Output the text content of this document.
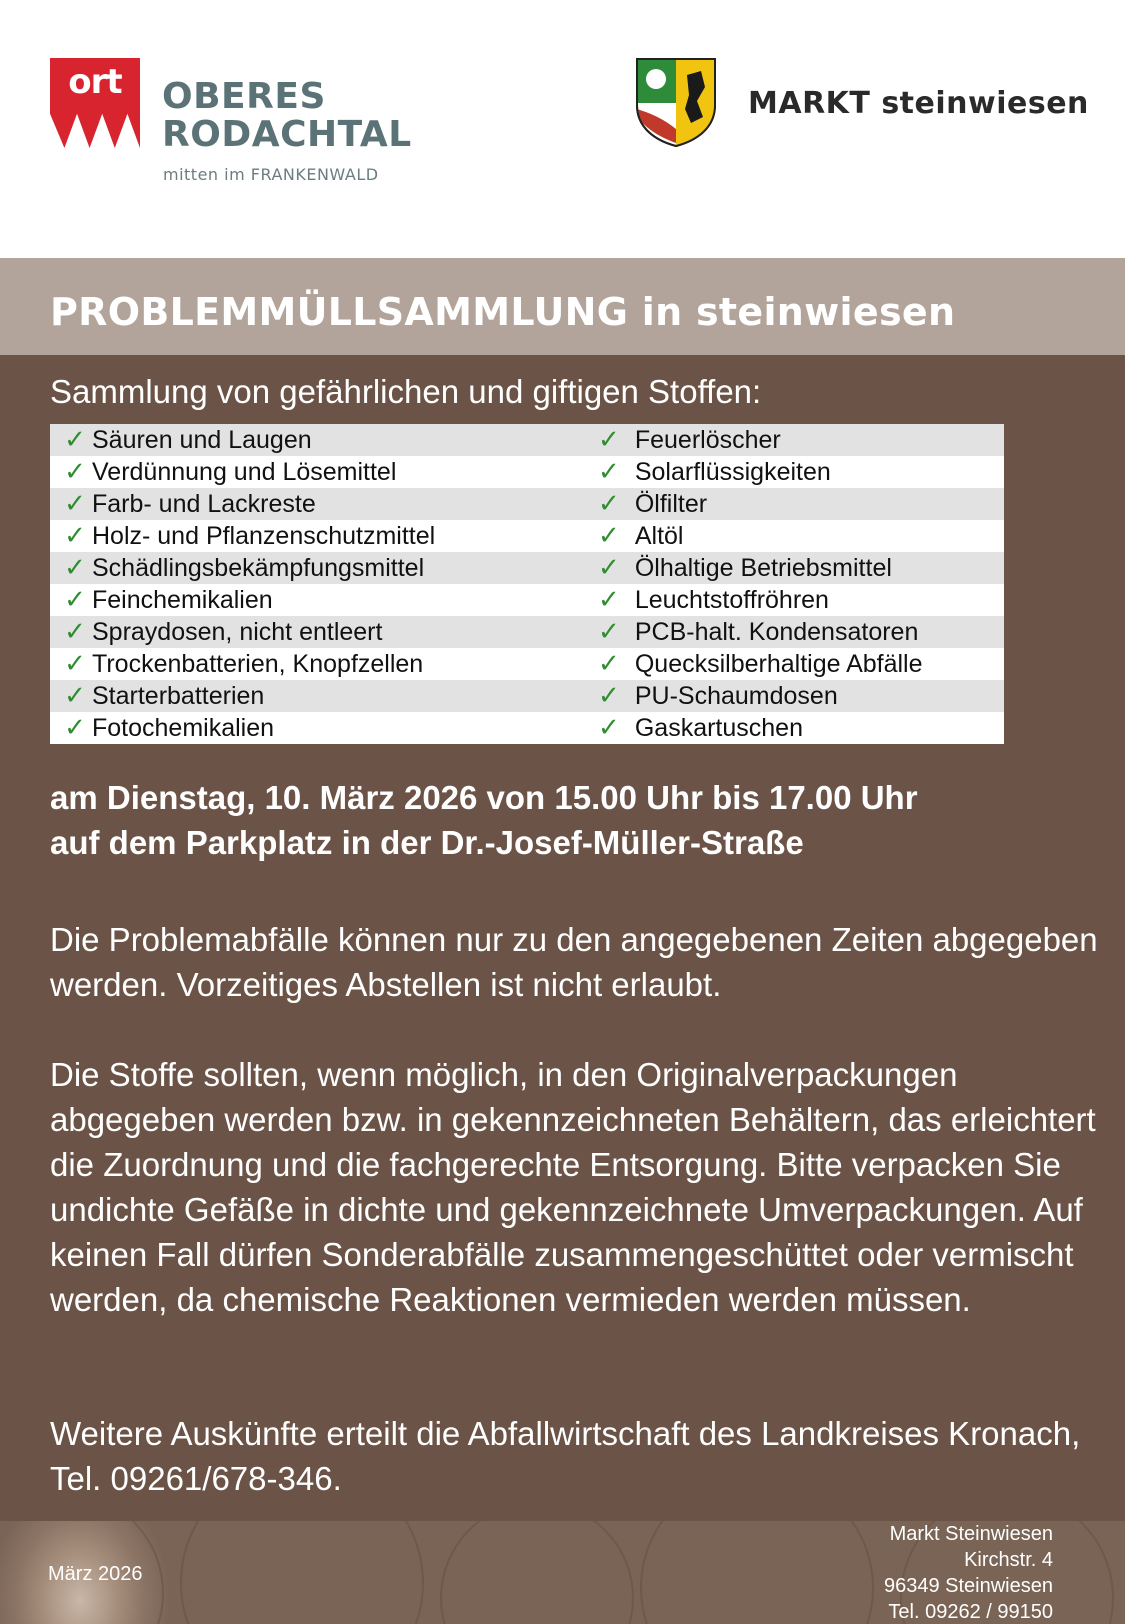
ort	OBERES
RODACHTAL
mitten im FRANKENWALD
MARKT steinwiesen
PROBLEMMÜLLSAMMLUNG in steinwiesen
Sammlung von gefährlichen und giftigen Stoffen:
✓ Säuren und Laugen	✓ Feuerlöscher
✓ Verdünnung und Lösemittel	✓ Solarflüssigkeiten
✓ Farb- und Lackreste	✓ Ölfilter
✓ Holz- und Pflanzenschutzmittel	✓ Altöl
✓ Schädlingsbekämpfungsmittel	✓ Ölhaltige Betriebsmittel
✓ Feinchemikalien	✓ Leuchtstoffröhren
✓ Spraydosen, nicht entleert	✓ PCB-halt. Kondensatoren
✓ Trockenbatterien, Knopfzellen	✓ Quecksilberhaltige Abfälle
✓ Starterbatterien	✓ PU-Schaumdosen
✓ Fotochemikalien	✓ Gaskartuschen
am Dienstag, 10. März 2026 von 15.00 Uhr bis 17.00 Uhr
auf dem Parkplatz in der Dr.-Josef-Müller-Straße
Die Problemabfälle können nur zu den angegebenen Zeiten abgegeben werden. Vorzeitiges Abstellen ist nicht erlaubt.
Die Stoffe sollten, wenn möglich, in den Originalverpackungen abgegeben werden bzw. in gekennzeichneten Behältern, das erleichtert die Zuordnung und die fachgerechte Entsorgung. Bitte verpacken Sie undichte Gefäße in dichte und gekennzeichnete Umverpackungen. Auf keinen Fall dürfen Sonderabfälle zusammengeschüttet oder vermischt werden, da chemische Reaktionen vermieden werden müssen.
Weitere Auskünfte erteilt die Abfallwirtschaft des Landkreises Kronach, Tel. 09261/678-346.
März 2026
Markt Steinwiesen
Kirchstr. 4
96349 Steinwiesen
Tel. 09262 / 99150
